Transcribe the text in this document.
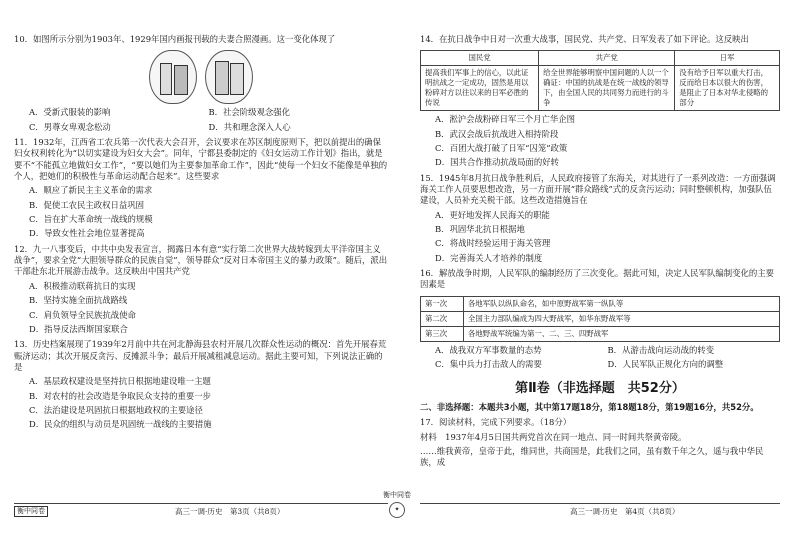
10．如图所示分别为1903年、1929年国内画报刊载的夫妻合照漫画。这一变化体现了

A．受新式服装的影响	B．社会阶级观念强化
C．男尊女卑观念松动	D．共和理念深入人心

11．1932年，江西省工农兵第一次代表大会召开，会议要求在苏区制度原则下，把以前提出的确保妇女权利转化为“以切实建设为妇女大会”。同年，宁都县委制定的《妇女运动工作计划》指出，就是要不“不能孤立地做妇女工作”，“要以她们为主要参加革命工作”，因此“使每一个妇女不能像是单独的个人，把她们的积极性与革命运动配合起来”。这些要求

A．顺应了新民主主义革命的需求

B．促使工农民主政权日益巩固

C．旨在扩大革命统一战线的规模

D．导致女性社会地位显著提高

12．九一八事变后，中共中央发表宣言，揭露日本有意“实行第二次世界大战转嫁到太平洋帝国主义战争”，要求全党“大胆领导群众的民族自觉”，领导群众“反对日本帝国主义的暴力政策”。随后，派出干部赴东北开展游击战争。这反映出中国共产党

A．积极推动联蒋抗日的实现

B．坚持实施全面抗战路线

C．肩负领导全民族抗战使命

D．指导反法西斯国家联合

13．历史档案展现了1939年2月前中共在河北静海县农村开展几次群众性运动的概况：首先开展春荒赈济运动；其次开展反贪污、反摊派斗争；最后开展减租减息运动。据此主要可知，下列说法正确的是

A．基层政权建设是坚持抗日根据地建设唯一主题

B．对农村的社会改造是争取民众支持的重要一步

C．法治建设是巩固抗日根据地政权的主要途径

D．民众的组织与动员是巩固统一战线的主要措施

14．在抗日战争中日对一次重大战事，国民党、共产党、日军发表了如下评论。这反映出

国民党	共产党	日军
提高我们军事上的信心，以此证明抗战之一定成功，固然是用以粉碎对方以往以来的日军必胜的传说	给全世界能够明察中国问题的人以一个确证：中国的抗战是在统一战线的领导下，由全国人民的共同努力而进行的斗争	没有给予日军以重大打击，反而给日本以很大的伤害，是阻止了日本对华北侵略的部分

A．淞沪会战粉碎日军三个月亡华企图

B．武汉会战后抗战进入相持阶段

C．百团大战打破了日军“囚笼”政策

D．国共合作推动抗战局面的好转

15．1945年8月抗日战争胜利后，人民政府接管了东海关，对其进行了一系列改造：一方面强调海关工作人员要思想改造，另一方面开展“群众路线”式的反贪污运动；同时整顿机构，加强队伍建设，人员补充关税干部。这些改造措施旨在

A．更好地发挥人民海关的职能

B．巩固华北抗日根据地

C．将战时经验运用于海关管理

D．完善海关人才培养的制度

16．解放战争时期，人民军队的编制经历了三次变化。据此可知，决定人民军队编制变化的主要因素是

第一次	各地军队以纵队命名，如中原野战军第一纵队等
第二次	全国主力部队编成为四大野战军，如华东野战军等
第三次	各地野战军统编为第一、二、三、四野战军
A．战我双方军事数量的态势	B．从游击战向运动战的转变
C．集中兵力打击敌人的需要	D．人民军队正规化方向的调整
第Ⅱ卷（非选择题　共52分）

二、非选择题：本题共3小题，其中第17题18分，第18题18分，第19题16分，共52分。

17．阅读材料，完成下列要求。（18分）

材料　1937年4月5日国共两党首次在同一地点、同一时间共祭黄帝陵。

……维我黄帝，皇帝于此，维同世，共商国是，此我们之同，虽有数千年之久，遥与我中华民族，成

衡中同卷	高三一调·历史　第3页（共8页）	高三一调·历史　第4页（共8页）
衡中同卷
✦
